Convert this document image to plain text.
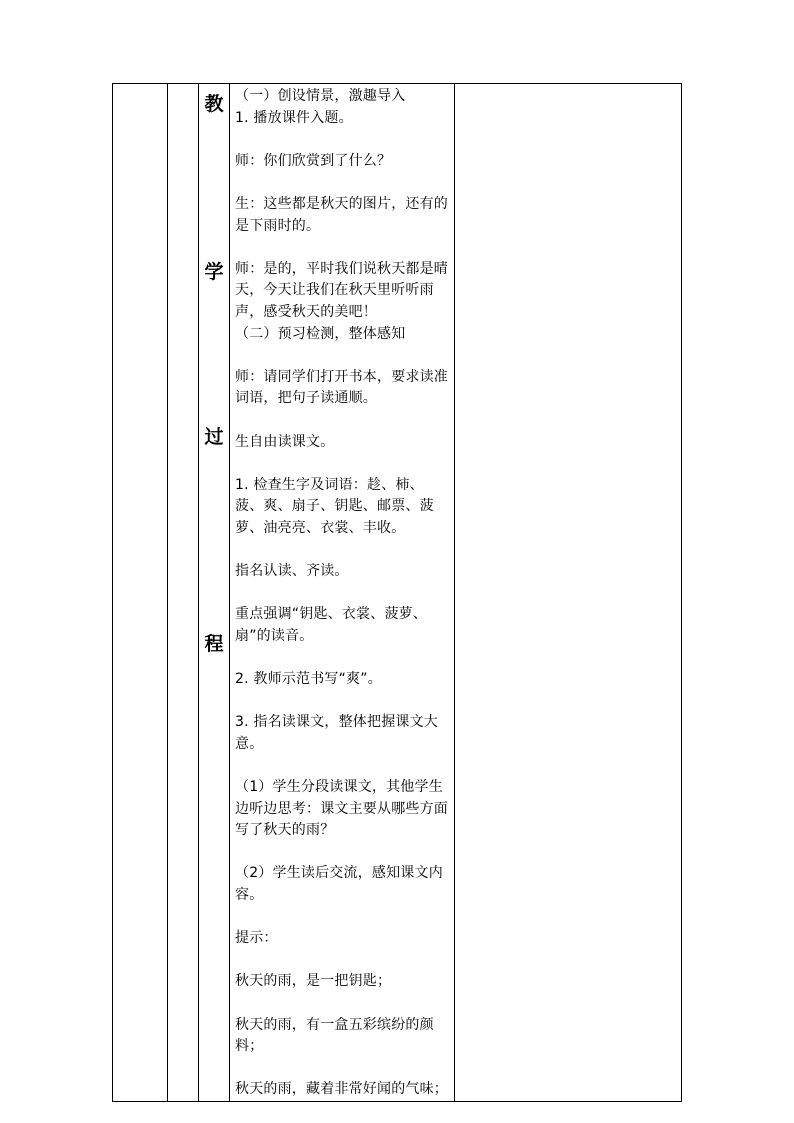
教
学
过
程

（一）创设情景，激趣导入

1. 播放课件入题。

师：你们欣赏到了什么？

生：这些都是秋天的图片，还有的是下雨时的。

师：是的，平时我们说秋天都是晴天，今天让我们在秋天里听听雨声，感受秋天的美吧！

（二）预习检测，整体感知

师：请同学们打开书本，要求读准词语，把句子读通顺。

生自由读课文。

1. 检查生字及词语：趁、柿、菠、爽、扇子、钥匙、邮票、菠萝、油亮亮、衣裳、丰收。

指名认读、齐读。

重点强调“钥匙、衣裳、菠萝、扇”的读音。

2. 教师示范书写“爽”。

3. 指名读课文，整体把握课文大意。

（1）学生分段读课文，其他学生边听边思考：课文主要从哪些方面写了秋天的雨？

（2）学生读后交流，感知课文内容。

提示：

秋天的雨，是一把钥匙；

秋天的雨，有一盒五彩缤纷的颜料；

秋天的雨，藏着非常好闻的气味；
